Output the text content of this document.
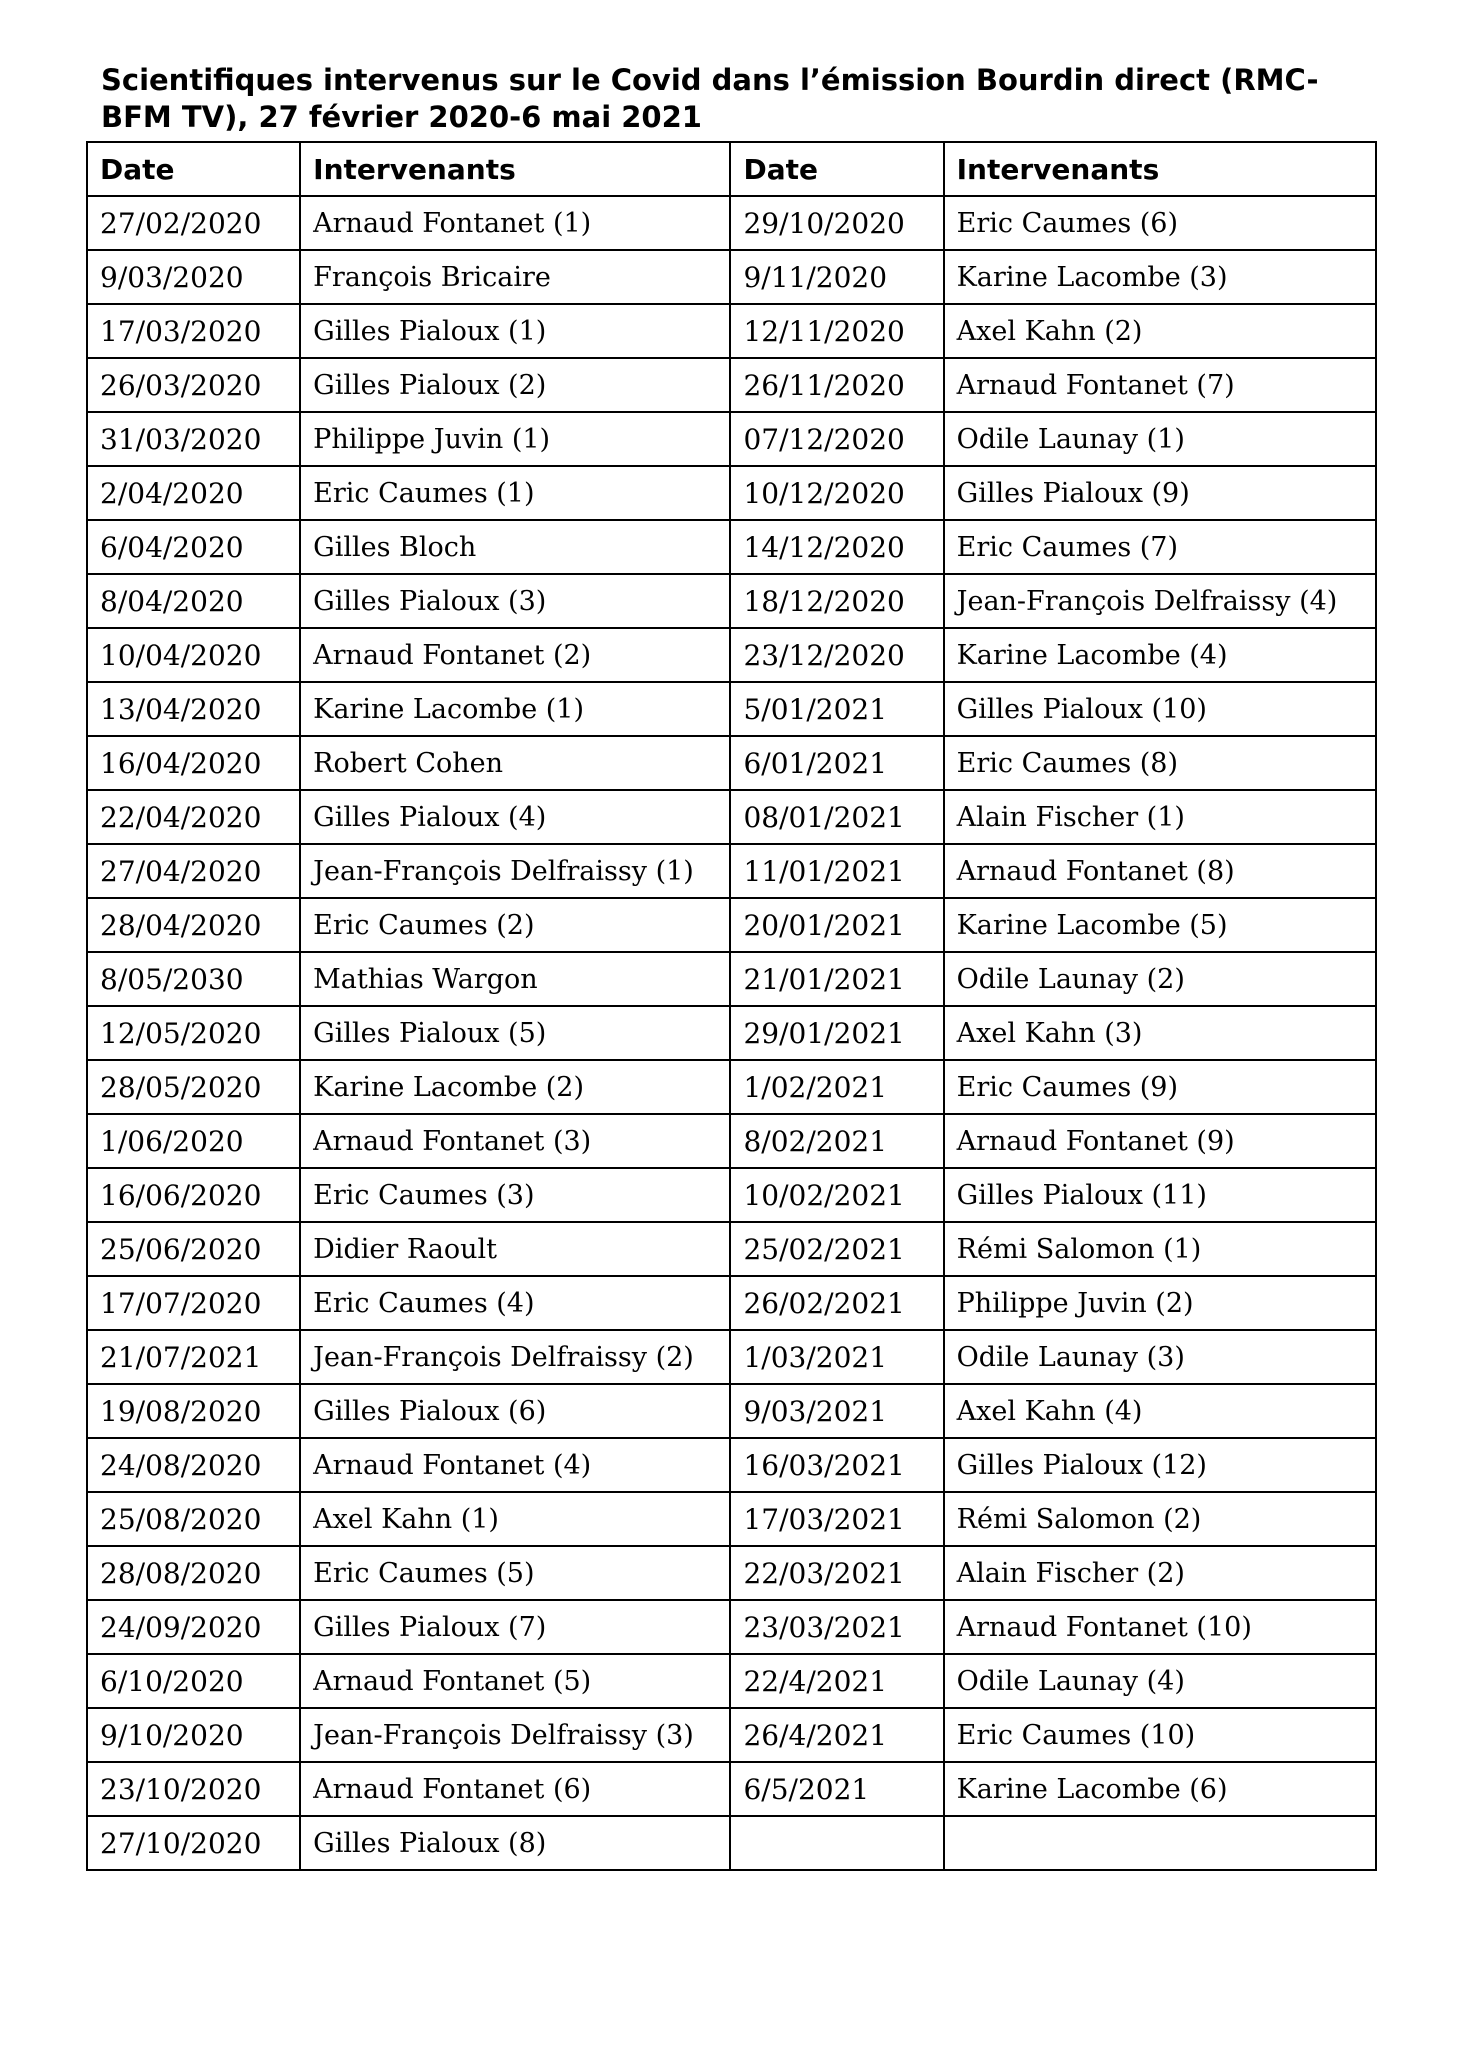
Scientifiques intervenus sur le Covid dans l’émission Bourdin direct (RMC-BFM TV), 27 février 2020-6 mai 2021
Date	Intervenants	Date	Intervenants
27/02/2020	Arnaud Fontanet (1)	29/10/2020	Eric Caumes (6)
9/03/2020	François Bricaire	9/11/2020	Karine Lacombe (3)
17/03/2020	Gilles Pialoux (1)	12/11/2020	Axel Kahn (2)
26/03/2020	Gilles Pialoux (2)	26/11/2020	Arnaud Fontanet (7)
31/03/2020	Philippe Juvin (1)	07/12/2020	Odile Launay (1)
2/04/2020	Eric Caumes (1)	10/12/2020	Gilles Pialoux (9)
6/04/2020	Gilles Bloch	14/12/2020	Eric Caumes (7)
8/04/2020	Gilles Pialoux (3)	18/12/2020	Jean-François Delfraissy (4)
10/04/2020	Arnaud Fontanet (2)	23/12/2020	Karine Lacombe (4)
13/04/2020	Karine Lacombe (1)	5/01/2021	Gilles Pialoux (10)
16/04/2020	Robert Cohen	6/01/2021	Eric Caumes (8)
22/04/2020	Gilles Pialoux (4)	08/01/2021	Alain Fischer (1)
27/04/2020	Jean-François Delfraissy (1)	11/01/2021	Arnaud Fontanet (8)
28/04/2020	Eric Caumes (2)	20/01/2021	Karine Lacombe (5)
8/05/2030	Mathias Wargon	21/01/2021	Odile Launay (2)
12/05/2020	Gilles Pialoux (5)	29/01/2021	Axel Kahn (3)
28/05/2020	Karine Lacombe (2)	1/02/2021	Eric Caumes (9)
1/06/2020	Arnaud Fontanet (3)	8/02/2021	Arnaud Fontanet (9)
16/06/2020	Eric Caumes (3)	10/02/2021	Gilles Pialoux (11)
25/06/2020	Didier Raoult	25/02/2021	Rémi Salomon (1)
17/07/2020	Eric Caumes (4)	26/02/2021	Philippe Juvin (2)
21/07/2021	Jean-François Delfraissy (2)	1/03/2021	Odile Launay (3)
19/08/2020	Gilles Pialoux (6)	9/03/2021	Axel Kahn (4)
24/08/2020	Arnaud Fontanet (4)	16/03/2021	Gilles Pialoux (12)
25/08/2020	Axel Kahn (1)	17/03/2021	Rémi Salomon (2)
28/08/2020	Eric Caumes (5)	22/03/2021	Alain Fischer (2)
24/09/2020	Gilles Pialoux (7)	23/03/2021	Arnaud Fontanet (10)
6/10/2020	Arnaud Fontanet (5)	22/4/2021	Odile Launay (4)
9/10/2020	Jean-François Delfraissy (3)	26/4/2021	Eric Caumes (10)
23/10/2020	Arnaud Fontanet (6)	6/5/2021	Karine Lacombe (6)
27/10/2020	Gilles Pialoux (8)		
